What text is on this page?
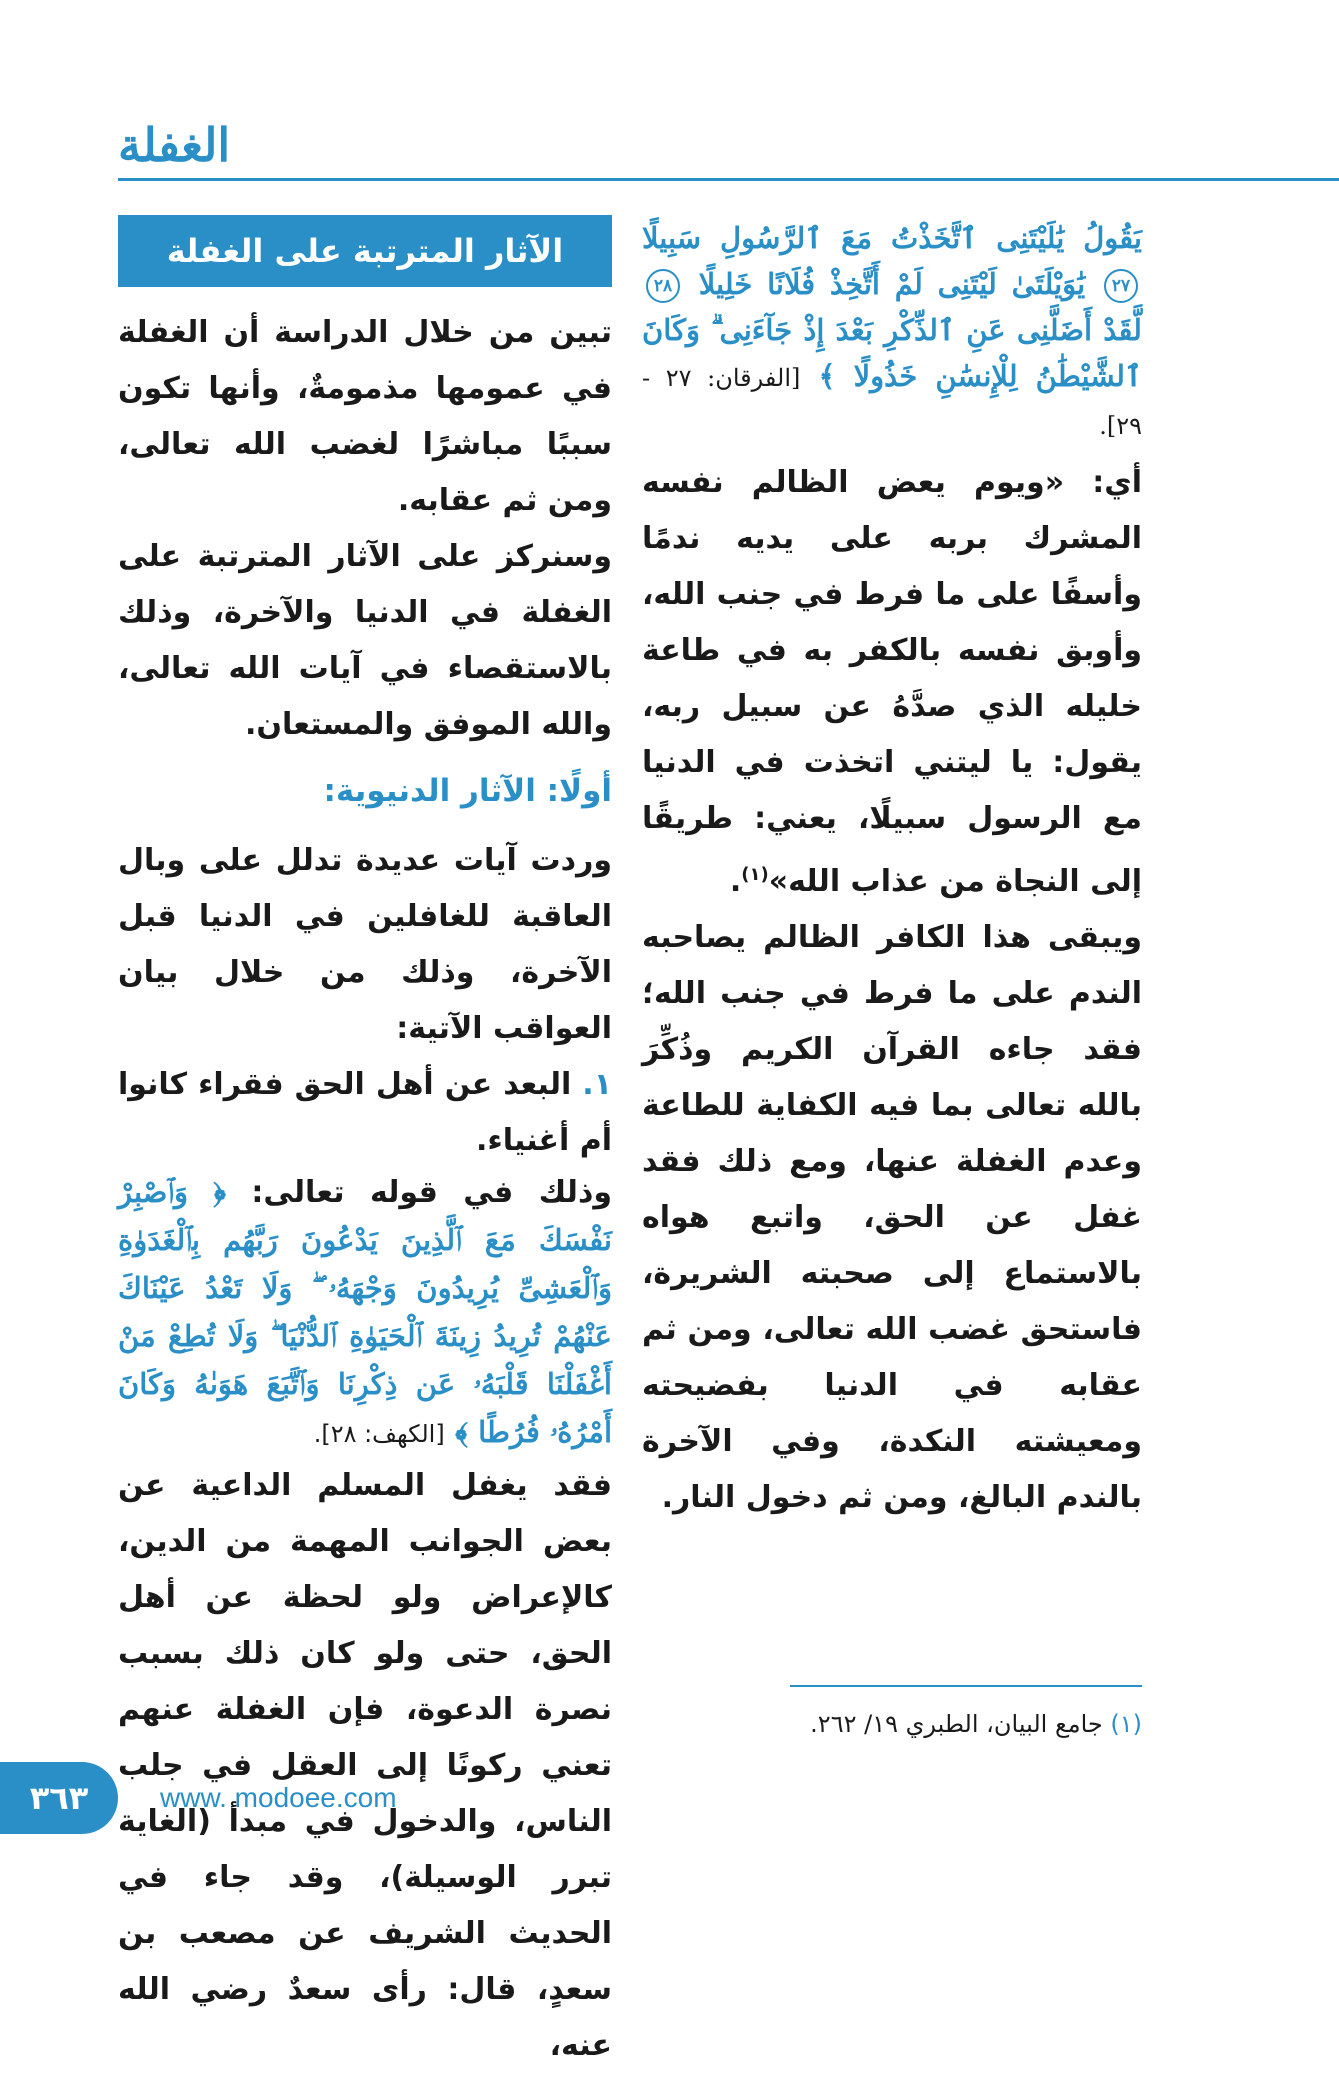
الغفلة

يَقُولُ يَٰلَيْتَنِى ٱتَّخَذْتُ مَعَ ٱلرَّسُولِ سَبِيلًا ٢٧ يَٰوَيْلَتَىٰ لَيْتَنِى لَمْ أَتَّخِذْ فُلَانًا خَلِيلًا ٢٨ لَّقَدْ أَضَلَّنِى عَنِ ٱلذِّكْرِ بَعْدَ إِذْ جَآءَنِى ۗ وَكَانَ ٱلشَّيْطَٰنُ لِلْإِنسَٰنِ خَذُولًا ﴾ [الفرقان: ٢٧ - ٢٩].

أي: «ويوم يعض الظالم نفسه المشرك بربه على يديه ندمًا وأسفًا على ما فرط في جنب الله، وأوبق نفسه بالكفر به في طاعة خليله الذي صدَّهُ عن سبيل ربه، يقول: يا ليتني اتخذت في الدنيا مع الرسول سبيلًا، يعني: طريقًا إلى النجاة من عذاب الله»$^{(١)}$.

ويبقى هذا الكافر الظالم يصاحبه الندم على ما فرط في جنب الله؛ فقد جاءه القرآن الكريم وذُكِّرَ بالله تعالى بما فيه الكفاية للطاعة وعدم الغفلة عنها، ومع ذلك فقد غفل عن الحق، واتبع هواه بالاستماع إلى صحبته الشريرة، فاستحق غضب الله تعالى، ومن ثم عقابه في الدنيا بفضيحته ومعيشته النكدة، وفي الآخرة بالندم البالغ، ومن ثم دخول النار.

الآثار المترتبة على الغفلة

تبين من خلال الدراسة أن الغفلة في عمومها مذمومةٌ، وأنها تكون سببًا مباشرًا لغضب الله تعالى، ومن ثم عقابه.

وسنركز على الآثار المترتبة على الغفلة في الدنيا والآخرة، وذلك بالاستقصاء في آيات الله تعالى، والله الموفق والمستعان.

أولًا: الآثار الدنيوية:

وردت آيات عديدة تدلل على وبال العاقبة للغافلين في الدنيا قبل الآخرة، وذلك من خلال بيان العواقب الآتية:

١. البعد عن أهل الحق فقراء كانوا أم أغنياء.

وذلك في قوله تعالى: ﴿ وَٱصْبِرْ نَفْسَكَ مَعَ ٱلَّذِينَ يَدْعُونَ رَبَّهُم بِٱلْغَدَوٰةِ وَٱلْعَشِىِّ يُرِيدُونَ وَجْهَهُۥ ۖ وَلَا تَعْدُ عَيْنَاكَ عَنْهُمْ تُرِيدُ زِينَةَ ٱلْحَيَوٰةِ ٱلدُّنْيَا ۖ وَلَا تُطِعْ مَنْ أَغْفَلْنَا قَلْبَهُۥ عَن ذِكْرِنَا وَٱتَّبَعَ هَوَىٰهُ وَكَانَ أَمْرُهُۥ فُرُطًا ﴾ [الكهف: ٢٨].

فقد يغفل المسلم الداعية عن بعض الجوانب المهمة من الدين، كالإعراض ولو لحظة عن أهل الحق، حتى ولو كان ذلك بسبب نصرة الدعوة، فإن الغفلة عنهم تعني ركونًا إلى العقل في جلب الناس، والدخول في مبدأ (الغاية تبرر الوسيلة)، وقد جاء في الحديث الشريف عن مصعب بن سعدٍ، قال: رأى سعدٌ رضي الله عنه،

(١) جامع البيان، الطبري ١٩/ ٢٦٢.
٣٦٣	www. modoee.com
